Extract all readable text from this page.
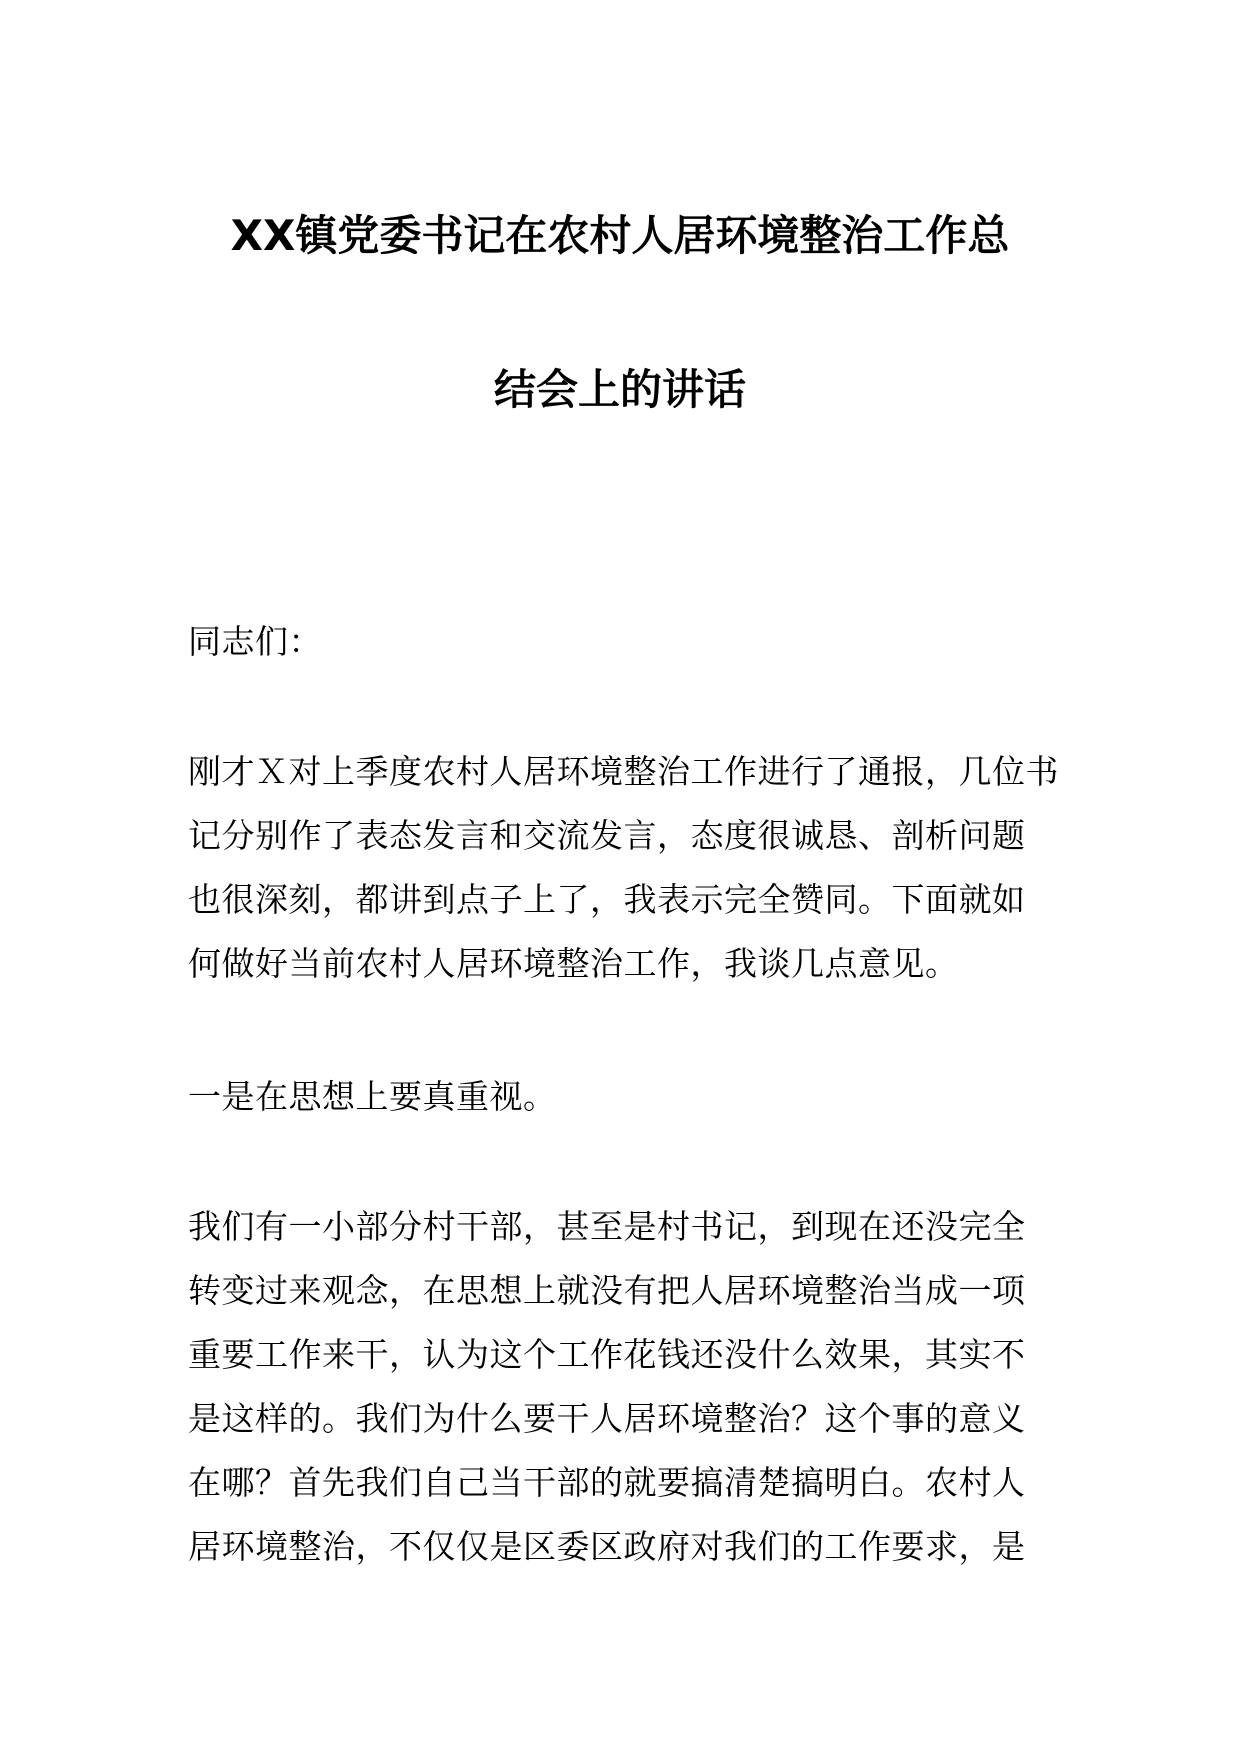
XX镇党委书记在农村人居环境整治工作总
结会上的讲话
同志们：
刚才Ｘ对上季度农村人居环境整治工作进行了通报，几位书
记分别作了表态发言和交流发言，态度很诚恳、剖析问题
也很深刻，都讲到点子上了，我表示完全赞同。下面就如
何做好当前农村人居环境整治工作，我谈几点意见。
一是在思想上要真重视。
我们有一小部分村干部，甚至是村书记，到现在还没完全
转变过来观念，在思想上就没有把人居环境整治当成一项
重要工作来干，认为这个工作花钱还没什么效果，其实不
是这样的。我们为什么要干人居环境整治？这个事的意义
在哪？首先我们自己当干部的就要搞清楚搞明白。农村人
居环境整治，不仅仅是区委区政府对我们的工作要求，是
